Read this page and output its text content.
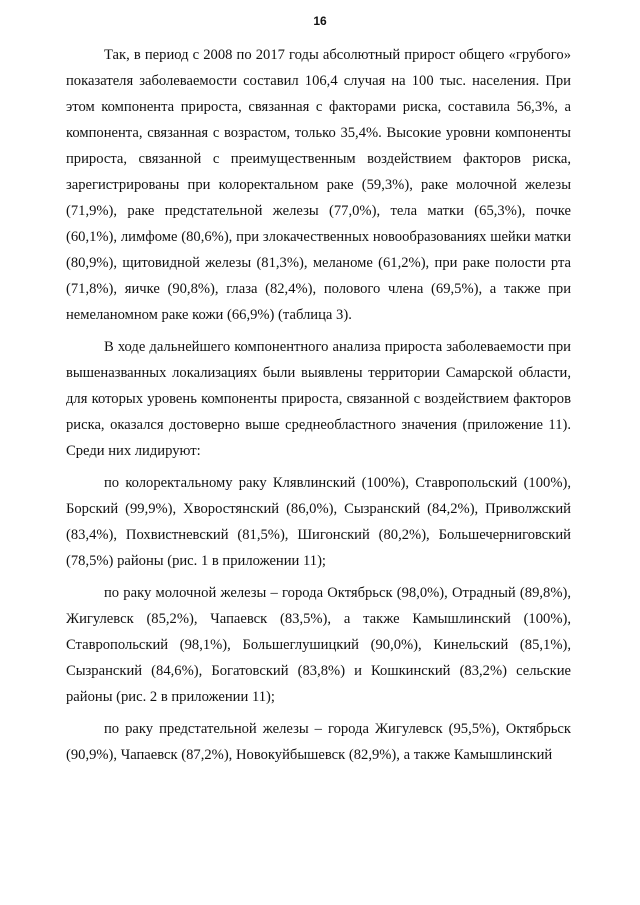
16

Так, в период с 2008 по 2017 годы абсолютный прирост общего «грубого» показателя заболеваемости составил 106,4 случая на 100 тыс. населения. При этом компонента прироста, связанная с факторами риска, составила 56,3%, а компонента, связанная с возрастом, только 35,4%. Высокие уровни компоненты прироста, связанной с преимущественным воздействием факторов риска, зарегистрированы при колоректальном раке (59,3%), раке молочной железы (71,9%), раке предстательной железы (77,0%), тела матки (65,3%), почке (60,1%), лимфоме (80,6%), при злокачественных новообразованиях шейки матки (80,9%), щитовидной железы (81,3%), меланоме (61,2%), при раке полости рта (71,8%), яичке (90,8%), глаза (82,4%), полового члена (69,5%), а также при немеланомном раке кожи (66,9%) (таблица 3).

В ходе дальнейшего компонентного анализа прироста заболеваемости при вышеназванных локализациях были выявлены территории Самарской области, для которых уровень компоненты прироста, связанной с воздействием факторов риска, оказался достоверно выше среднеобластного значения (приложение 11). Среди них лидируют:

по колоректальному раку Клявлинский (100%), Ставропольский (100%), Борский (99,9%), Хворостянский (86,0%), Сызранский (84,2%), Приволжский (83,4%), Похвистневский (81,5%), Шигонский (80,2%), Большечерниговский (78,5%) районы (рис. 1 в приложении 11);

по раку молочной железы – города Октябрьск (98,0%), Отрадный (89,8%), Жигулевск (85,2%), Чапаевск (83,5%), а также Камышлинский (100%), Ставропольский (98,1%), Большеглушицкий (90,0%), Кинельский (85,1%), Сызранский (84,6%), Богатовский (83,8%) и Кошкинский (83,2%) сельские районы (рис. 2 в приложении 11);

по раку предстательной железы – города Жигулевск (95,5%), Октябрьск (90,9%), Чапаевск (87,2%), Новокуйбышевск (82,9%), а также Камышлинский
